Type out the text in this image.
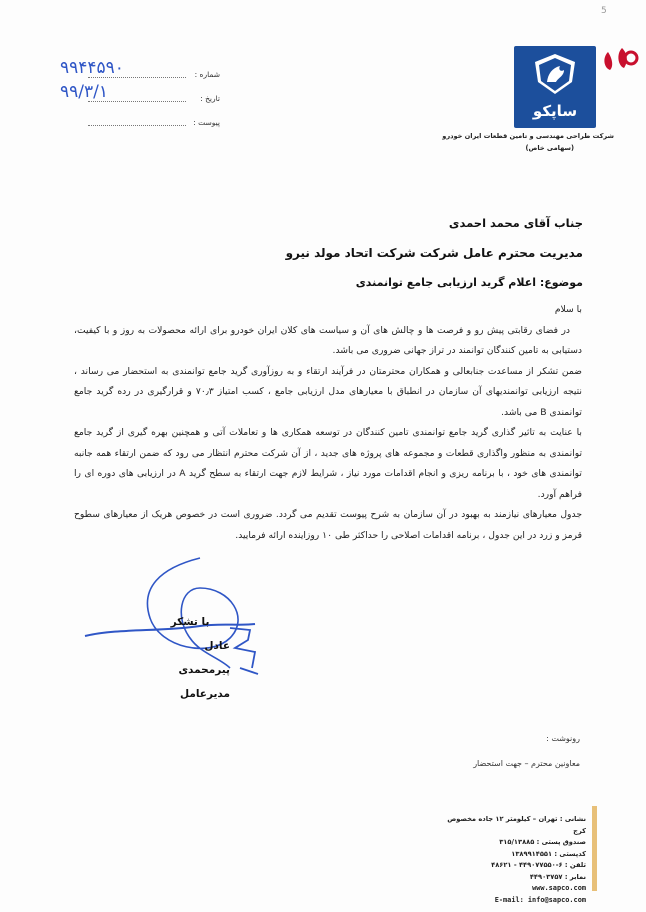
5
ساپکو
شرکت طراحی مهندسی و تامین قطعات ایران خودرو
(سهامی خاص)
شماره :
۹۹۴۴۵۹۰
تاریخ :
۹۹/۳/۱
پیوست :
جناب آقای محمد احمدی
مدیریت محترم عامل شرکت شرکت اتحاد مولد نیرو
موضوع: اعلام گرید ارزیابی جامع توانمندی

با سلام

در فضای رقابتی پیش رو و فرصت ها و چالش های آن و سیاست های کلان ایران خودرو برای ارائه محصولات به روز و با کیفیت، دستیابی به تامین کنندگان توانمند در تراز جهانی ضروری می باشد.

ضمن تشکر از مساعدت جنابعالی و همکاران محترمتان در فرآیند ارتقاء و به روزآوری گرید جامع توانمندی به استحضار می رساند ، نتیجه ارزیابی توانمندیهای آن سازمان در انطباق با معیارهای مدل ارزیابی جامع ، کسب امتیاز ۷۰٫۳ و قرارگیری در رده گرید جامع توانمندی B می باشد.

با عنایت به تاثیر گذاری گرید جامع توانمندی تامین کنندگان در توسعه همکاری ها و تعاملات آتی و همچنین بهره گیری از گرید جامع توانمندی به منظور واگذاری قطعات و مجموعه های پروژه های جدید ، از آن شرکت محترم انتظار می رود که ضمن ارتقاء همه جانبه توانمندی های خود ، با برنامه ریزی و انجام اقدامات مورد نیاز ، شرایط لازم جهت ارتقاء به سطح گرید A در ارزیابی های دوره ای را فراهم آورد.

جدول معیارهای نیازمند به بهبود در آن سازمان به شرح پیوست تقدیم می گردد. ضروری است در خصوص هریک از معیارهای سطوح قرمز و زرد در این جدول ، برنامه اقدامات اصلاحی را حداکثر طی ۱۰ روزاینده ارائه فرمایید.

با تشکر
عادل پیرمحمدی
مدیرعامل
رونوشت :
معاونین محترم – جهت استحضار
نشانی : تهران – کیلومتر ۱۲ جاده مخصوص کرج
صندوق پستی : ۳۱۵/۱۳۸۸۵
کدپستی : ۱۳۸۹۹۱۴۵۵۱
تلفن : ۶-۴۴۹۰۷۷۵۵۰ - ۴۸۶۲۱
نمابر : ۴۴۹۰۳۷۵۷
www.sapco.com
E-mail: info@sapco.com
